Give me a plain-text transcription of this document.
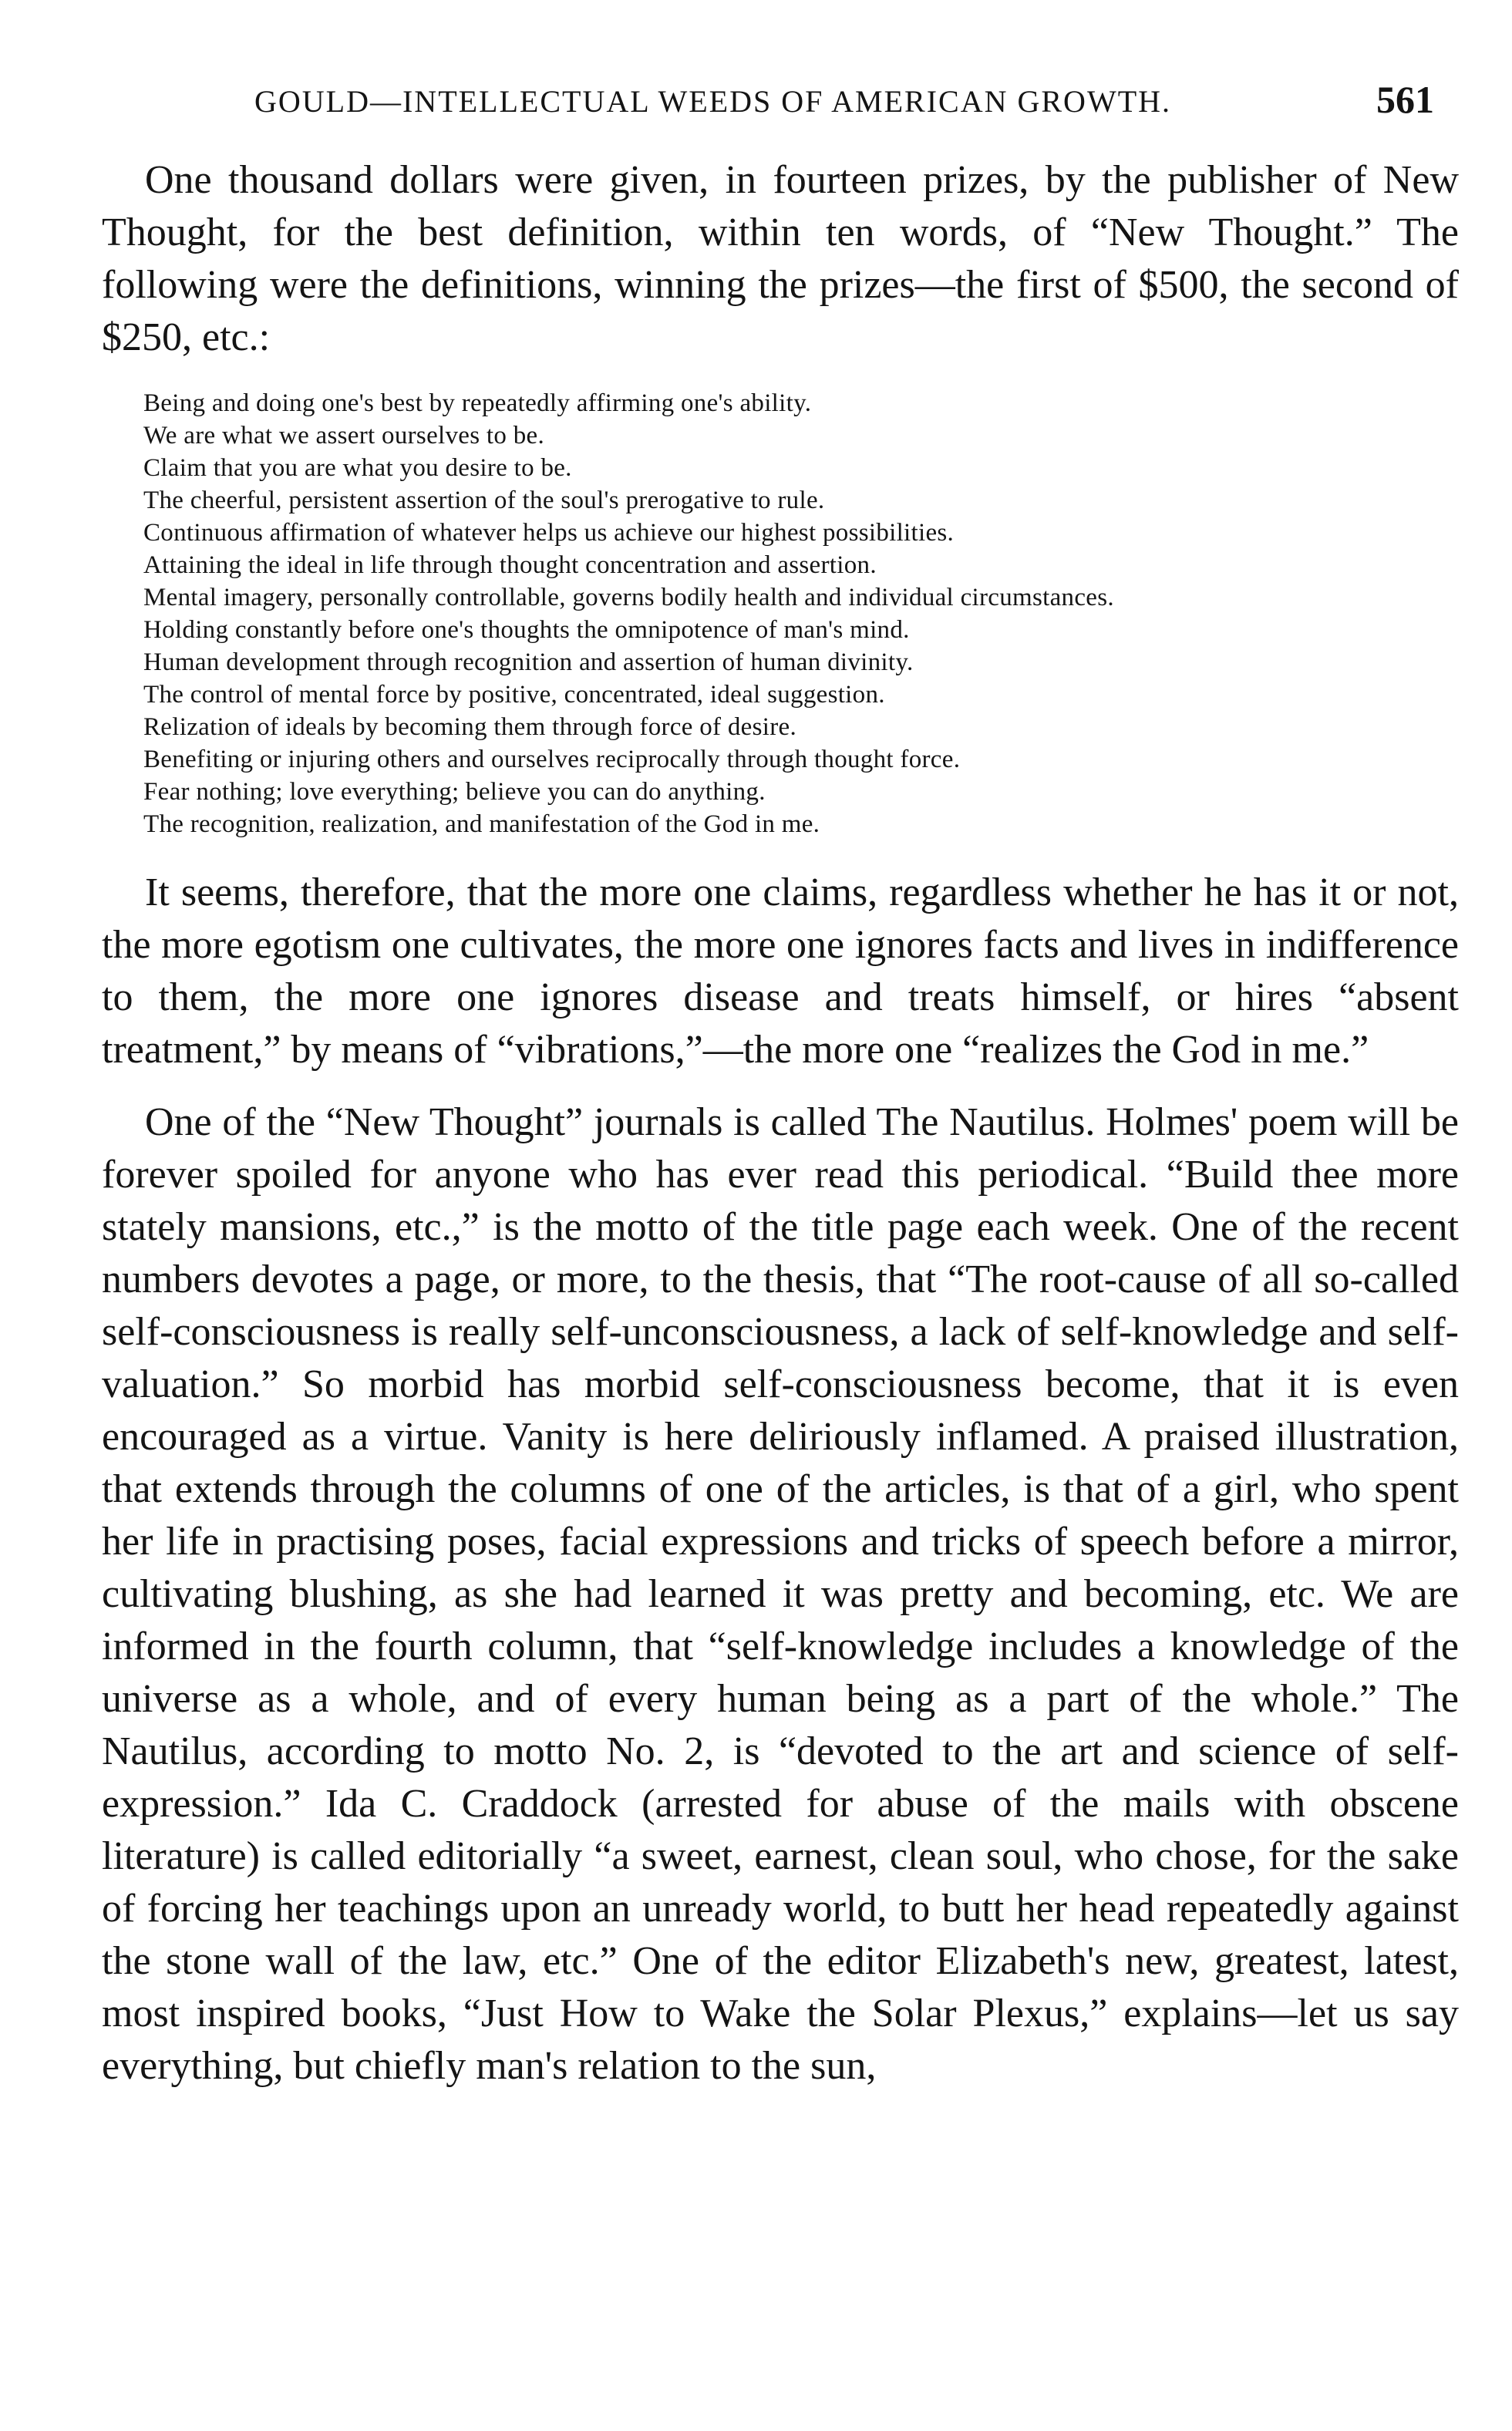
GOULD—INTELLECTUAL WEEDS OF AMERICAN GROWTH.	561

One thousand dollars were given, in fourteen prizes, by the publisher of New Thought, for the best definition, within ten words, of “New Thought.” The following were the definitions, winning the prizes—the first of $500, the second of $250, etc.:

Being and doing one's best by repeatedly affirming one's ability.
We are what we assert ourselves to be.
Claim that you are what you desire to be.
The cheerful, persistent assertion of the soul's prerogative to rule.
Continuous affirmation of whatever helps us achieve our highest possibilities.
Attaining the ideal in life through thought concentration and assertion.
Mental imagery, personally controllable, governs bodily health and individual circumstances.
Holding constantly before one's thoughts the omnipotence of man's mind.
Human development through recognition and assertion of human divinity.
The control of mental force by positive, concentrated, ideal suggestion.
Relization of ideals by becoming them through force of desire.
Benefiting or injuring others and ourselves reciprocally through thought force.
Fear nothing; love everything; believe you can do anything.
The recognition, realization, and manifestation of the God in me.

It seems, therefore, that the more one claims, regardless whether he has it or not, the more egotism one cultivates, the more one ignores facts and lives in indifference to them, the more one ignores disease and treats himself, or hires “absent treatment,” by means of “vibrations,”—the more one “realizes the God in me.”

One of the “New Thought” journals is called The Nautilus. Holmes' poem will be forever spoiled for anyone who has ever read this periodical. “Build thee more stately mansions, etc.,” is the motto of the title page each week. One of the recent numbers devotes a page, or more, to the thesis, that “The root-cause of all so-called self-consciousness is really self-unconsciousness, a lack of self-knowledge and self-valuation.” So morbid has morbid self-consciousness become, that it is even encouraged as a virtue. Vanity is here deliriously inflamed. A praised illustration, that extends through the columns of one of the articles, is that of a girl, who spent her life in practising poses, facial expressions and tricks of speech before a mirror, cultivating blushing, as she had learned it was pretty and becoming, etc. We are informed in the fourth column, that “self-knowledge includes a knowledge of the universe as a whole, and of every human being as a part of the whole.” The Nautilus, according to motto No. 2, is “devoted to the art and science of self-expression.” Ida C. Craddock (arrested for abuse of the mails with obscene literature) is called editorially “a sweet, earnest, clean soul, who chose, for the sake of forcing her teachings upon an unready world, to butt her head repeatedly against the stone wall of the law, etc.” One of the editor Elizabeth's new, greatest, latest, most inspired books, “Just How to Wake the Solar Plexus,” explains—let us say everything, but chiefly man's relation to the sun,
